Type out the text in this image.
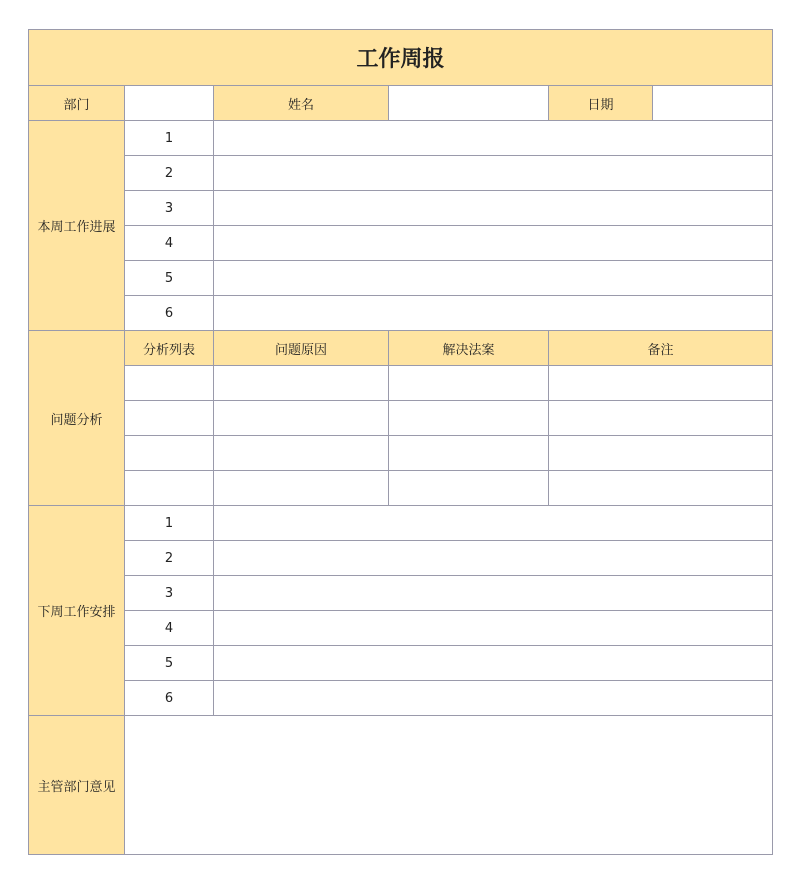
工作周报					
部门		姓名		日期	
本周工作进展	1				
	2				
	3				
	4				
	5				
	6				
问题分析	分析列表	问题原因	解决法案	备注	

下周工作安排	1				
	2				
	3				
	4				
	5				
	6				
主管部门意见					
